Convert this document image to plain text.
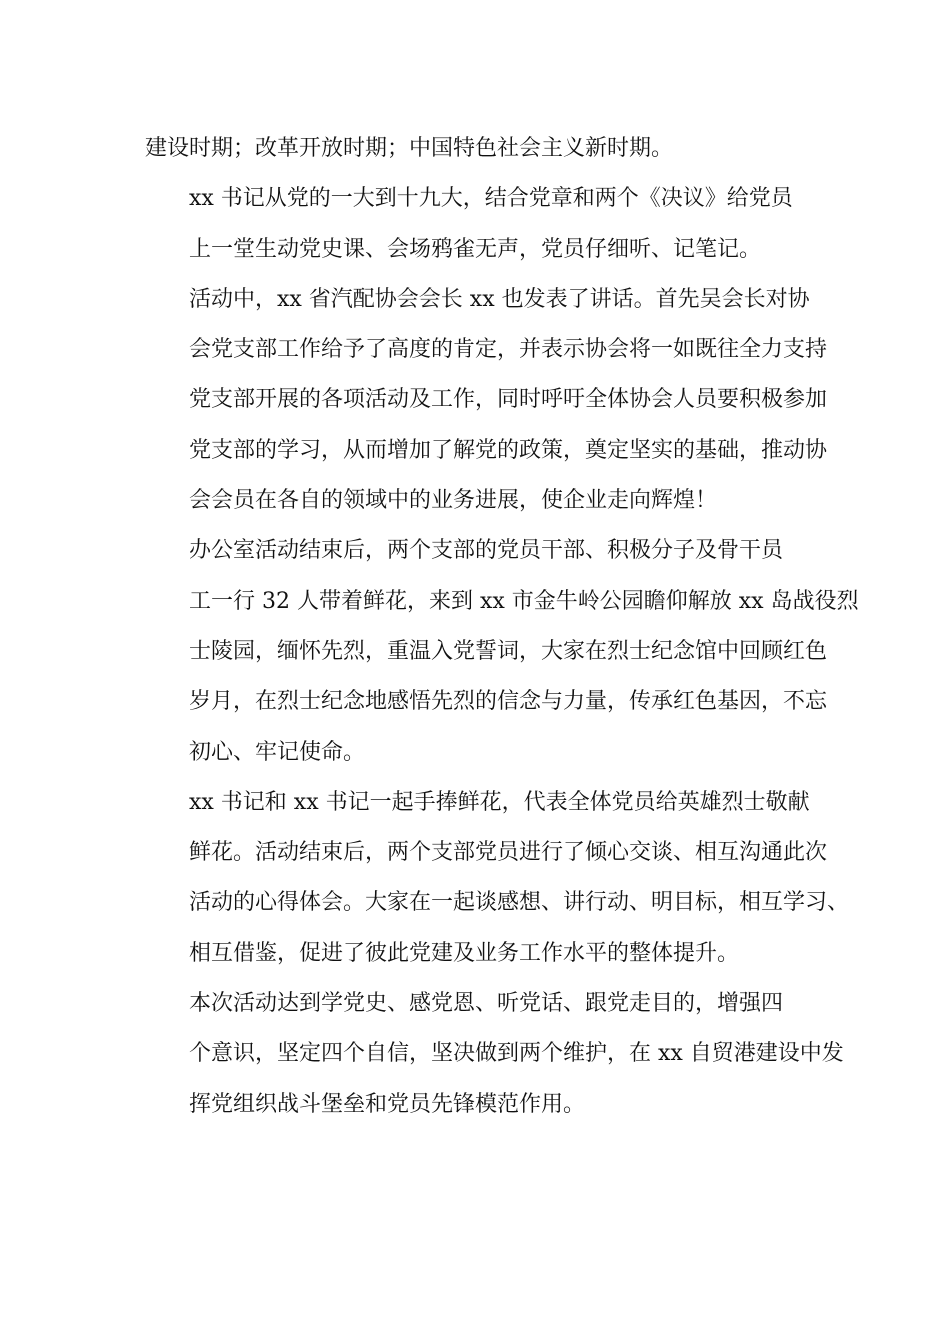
建设时期；改革开放时期；中国特色社会主义新时期。

xx 书记从党的一大到十九大，结合党章和两个《决议》给党员
上一堂生动党史课、会场鸦雀无声，党员仔细听、记笔记。

活动中，xx 省汽配协会会长 xx 也发表了讲话。首先吴会长对协
会党支部工作给予了高度的肯定，并表示协会将一如既往全力支持
党支部开展的各项活动及工作，同时呼吁全体协会人员要积极参加
党支部的学习，从而增加了解党的政策，奠定坚实的基础，推动协
会会员在各自的领域中的业务进展，使企业走向辉煌！

办公室活动结束后，两个支部的党员干部、积极分子及骨干员
工一行 32 人带着鲜花，来到 xx 市金牛岭公园瞻仰解放 xx 岛战役烈
士陵园，缅怀先烈，重温入党誓词，大家在烈士纪念馆中回顾红色
岁月，在烈士纪念地感悟先烈的信念与力量，传承红色基因，不忘
初心、牢记使命。

xx 书记和 xx 书记一起手捧鲜花，代表全体党员给英雄烈士敬献
鲜花。活动结束后，两个支部党员进行了倾心交谈、相互沟通此次
活动的心得体会。大家在一起谈感想、讲行动、明目标，相互学习、
相互借鉴，促进了彼此党建及业务工作水平的整体提升。

本次活动达到学党史、感党恩、听党话、跟党走目的，增强四
个意识，坚定四个自信，坚决做到两个维护，在 xx 自贸港建设中发
挥党组织战斗堡垒和党员先锋模范作用。
